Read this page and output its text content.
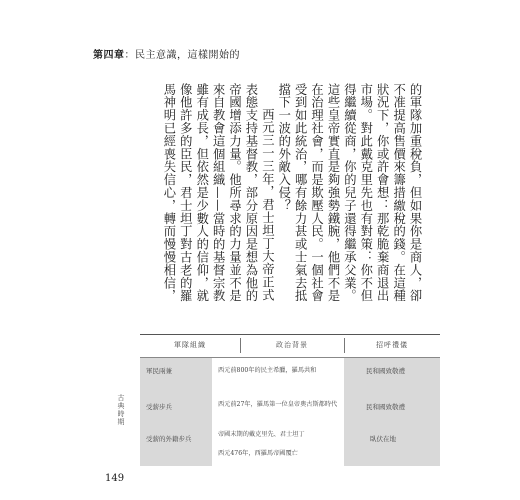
第四章：民主意識，這樣開始的

的軍隊加重稅負，但如果你是商人，卻不准提高售價來籌措繳稅的錢。在這種狀況下，你或許會想：那乾脆棄商退出市場。對此戴克里先也有對策：你不但得繼續從商，你的兒子還得繼承父業。這些皇帝實直是夠強勢鐵腕，他們不是在治理社會，而是欺壓人民。一個社會受到如此統治，哪有餘力甚或士氣去抵擋下一波的外敵入侵？

西元三一三年，君士坦丁大帝正式表態支持基督教，部分原因是想為他的帝國增添力量。他所尋求的力量並不是來自教會這個組織——當時的基督宗教雖有成長，但依然是少數人的信仰，就像他許多的臣民，君士坦丁對古老的羅馬神明已經喪失信心，轉而慢慢相信，

軍隊組織	政治背景	招呼禮儀
古典時期
軍民兩兼
受薪步兵
受薪的外籍步兵
西元前800年的民主希臘，羅馬共和
西元前27年，羅馬第一位皇帝奧古斯都時代
帝國末期的戴克里先、君士坦丁
西元476年，西羅馬帝國覆亡
民和國致敬禮
民和國致敬禮
臥伏在地
149
